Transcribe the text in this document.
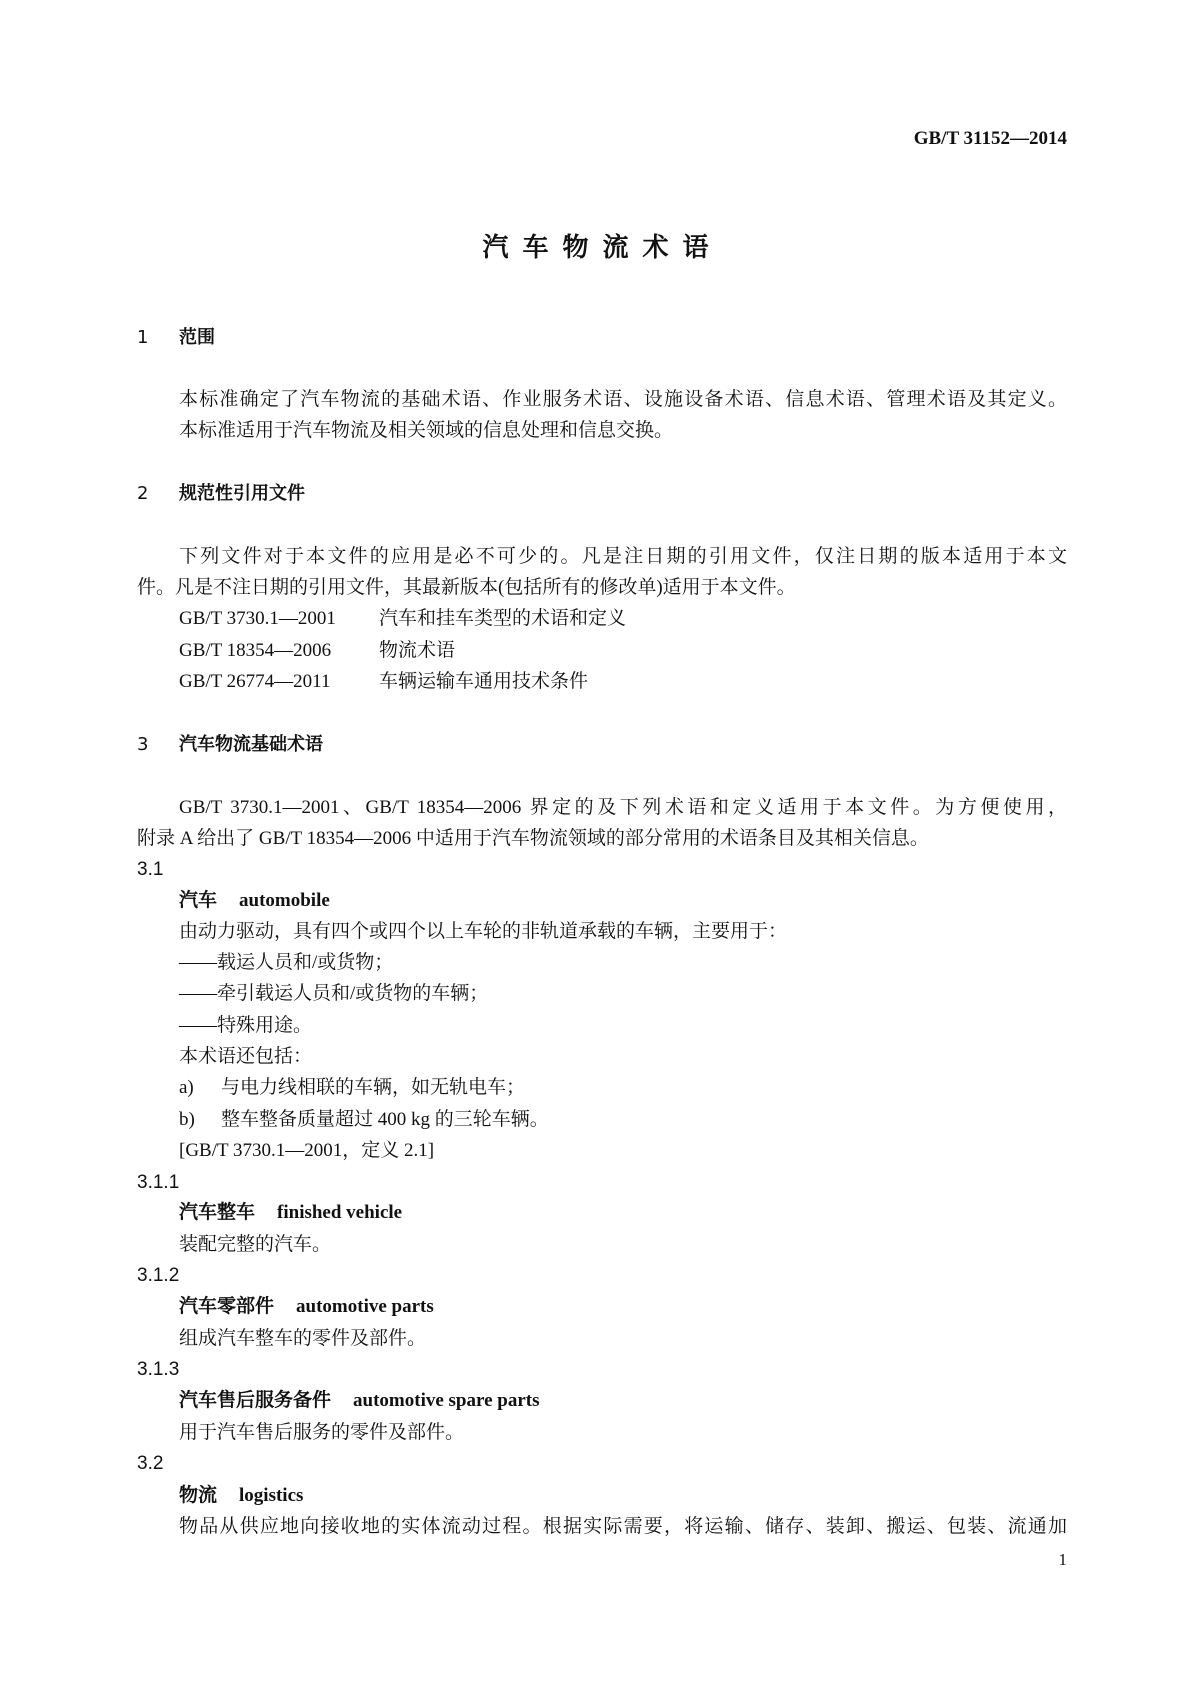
GB/T 31152—2014
汽车物流术语
1 范围
本标准确定了汽车物流的基础术语、作业服务术语、设施设备术语、信息术语、管理术语及其定义。
本标准适用于汽车物流及相关领域的信息处理和信息交换。
2 规范性引用文件
下列文件对于本文件的应用是必不可少的。凡是注日期的引用文件，仅注日期的版本适用于本文
件。凡是不注日期的引用文件，其最新版本(包括所有的修改单)适用于本文件。
GB/T 3730.1—2001 汽车和挂车类型的术语和定义
GB/T 18354—2006	物流术语
GB/T 26774—2011	车辆运输车通用技术条件
3 汽车物流基础术语
GB/T 3730.1—2001、GB/T 18354—2006 界定的及下列术语和定义适用于本文件。为方便使用，
附录 A 给出了 GB/T 18354—2006 中适用于汽车物流领域的部分常用的术语条目及其相关信息。
3.1
汽车 automobile
由动力驱动，具有四个或四个以上车轮的非轨道承载的车辆，主要用于：
——载运人员和/或货物；
——牵引载运人员和/或货物的车辆；
——特殊用途。
本术语还包括：
a) 与电力线相联的车辆，如无轨电车；
b) 整车整备质量超过 400 kg 的三轮车辆。
[GB/T 3730.1—2001，定义 2.1]
3.1.1
汽车整车 finished vehicle
装配完整的汽车。
3.1.2
汽车零部件 automotive parts
组成汽车整车的零件及部件。
3.1.3
汽车售后服务备件 automotive spare parts
用于汽车售后服务的零件及部件。
3.2
物流 logistics
物品从供应地向接收地的实体流动过程。根据实际需要，将运输、储存、装卸、搬运、包装、流通加
1
